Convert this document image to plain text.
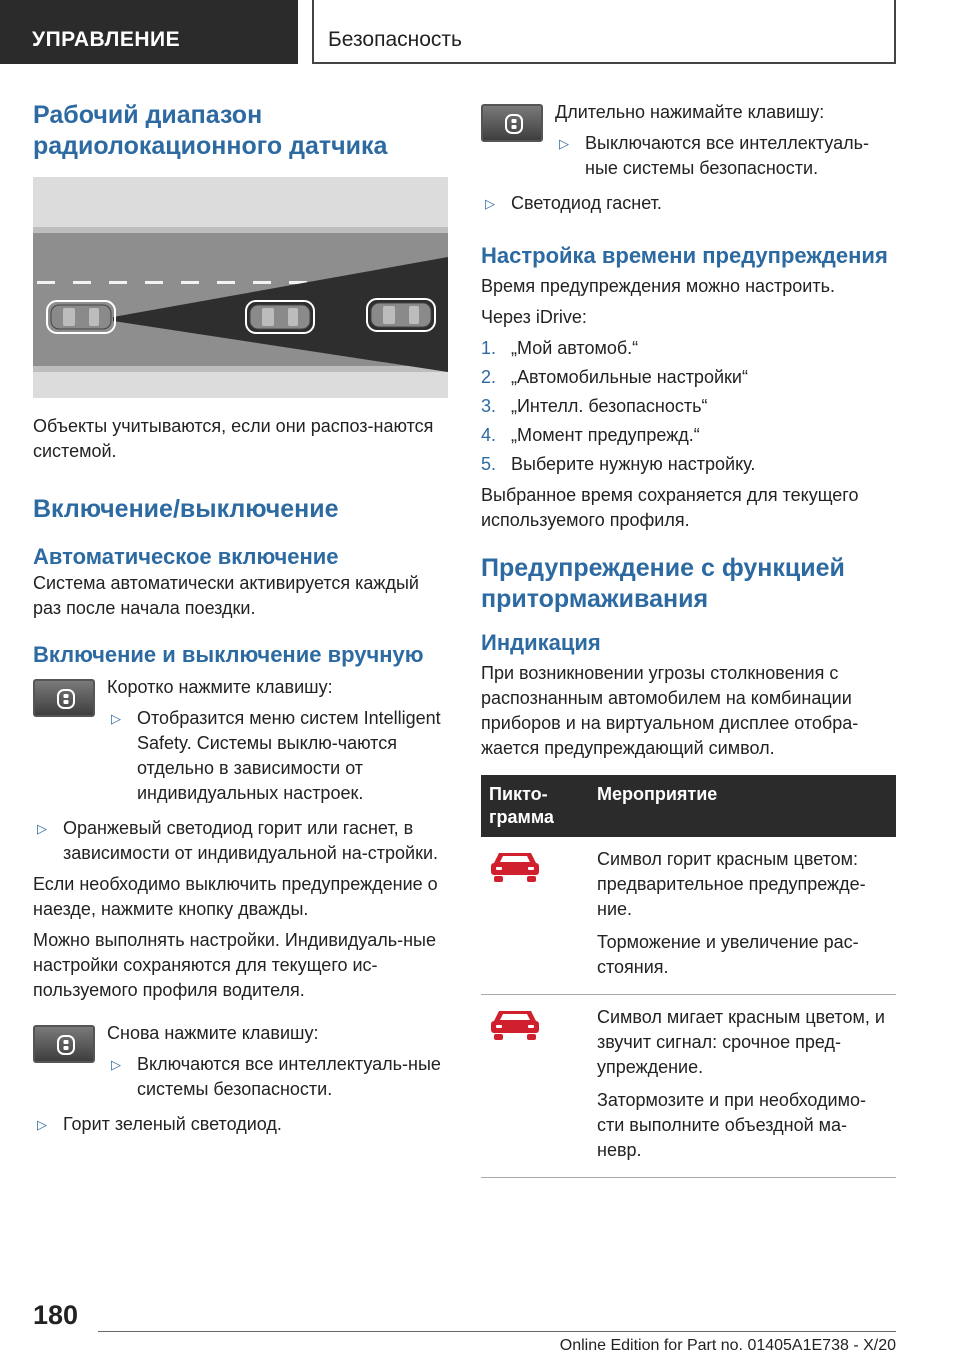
УПРАВЛЕНИЕ	Безопасность
Рабочий диапазон радиолокационного датчика

Объекты учитываются, если они распоз-наются системой.

Включение/выключение
Автоматическое включение

Система автоматически активируется каждый раз после начала поездки.

Включение и выключение вручную

Коротко нажмите клавишу:

▷ Отобразится меню систем Intelligent Safety. Системы выклю-чаются отдельно в зависимости от индивидуальных настроек.
▷ Оранжевый светодиод горит или гаснет, в зависимости от индивидуальной на-стройки.

Если необходимо выключить предупреждение о наезде, нажмите кнопку дважды.

Можно выполнять настройки. Индивидуаль-ные настройки сохраняются для текущего ис-пользуемого профиля водителя.

Снова нажмите клавишу:

▷ Включаются все интеллектуаль-ные системы безопасности.
▷ Горит зеленый светодиод.

Длительно нажимайте клавишу:

▷ Выключаются все интеллектуаль-ные системы безопасности.
▷ Светодиод гаснет.
Настройка времени предупреждения

Время предупреждения можно настроить.

Через iDrive:

1. „Мой автомоб.“
2. „Автомобильные настройки“
3. „Интелл. безопасность“
4. „Момент предупрежд.“
5. Выберите нужную настройку.

Выбранное время сохраняется для текущего используемого профиля.

Предупреждение с функцией притормаживания
Индикация

При возникновении угрозы столкновения с распознанным автомобилем на комбинации приборов и на виртуальном дисплее отобра-жается предупреждающий символ.

Пикто-грамма	Мероприятие

Символ горит красным цветом: предварительное предупрежде-ние.

Торможение и увеличение рас-стояния.

Символ мигает красным цветом, и звучит сигнал: срочное пред-упреждение.

Затормозите и при необходимо-сти выполните объездной ма-невр.

180
Online Edition for Part no. 01405A1E738 - X/20
